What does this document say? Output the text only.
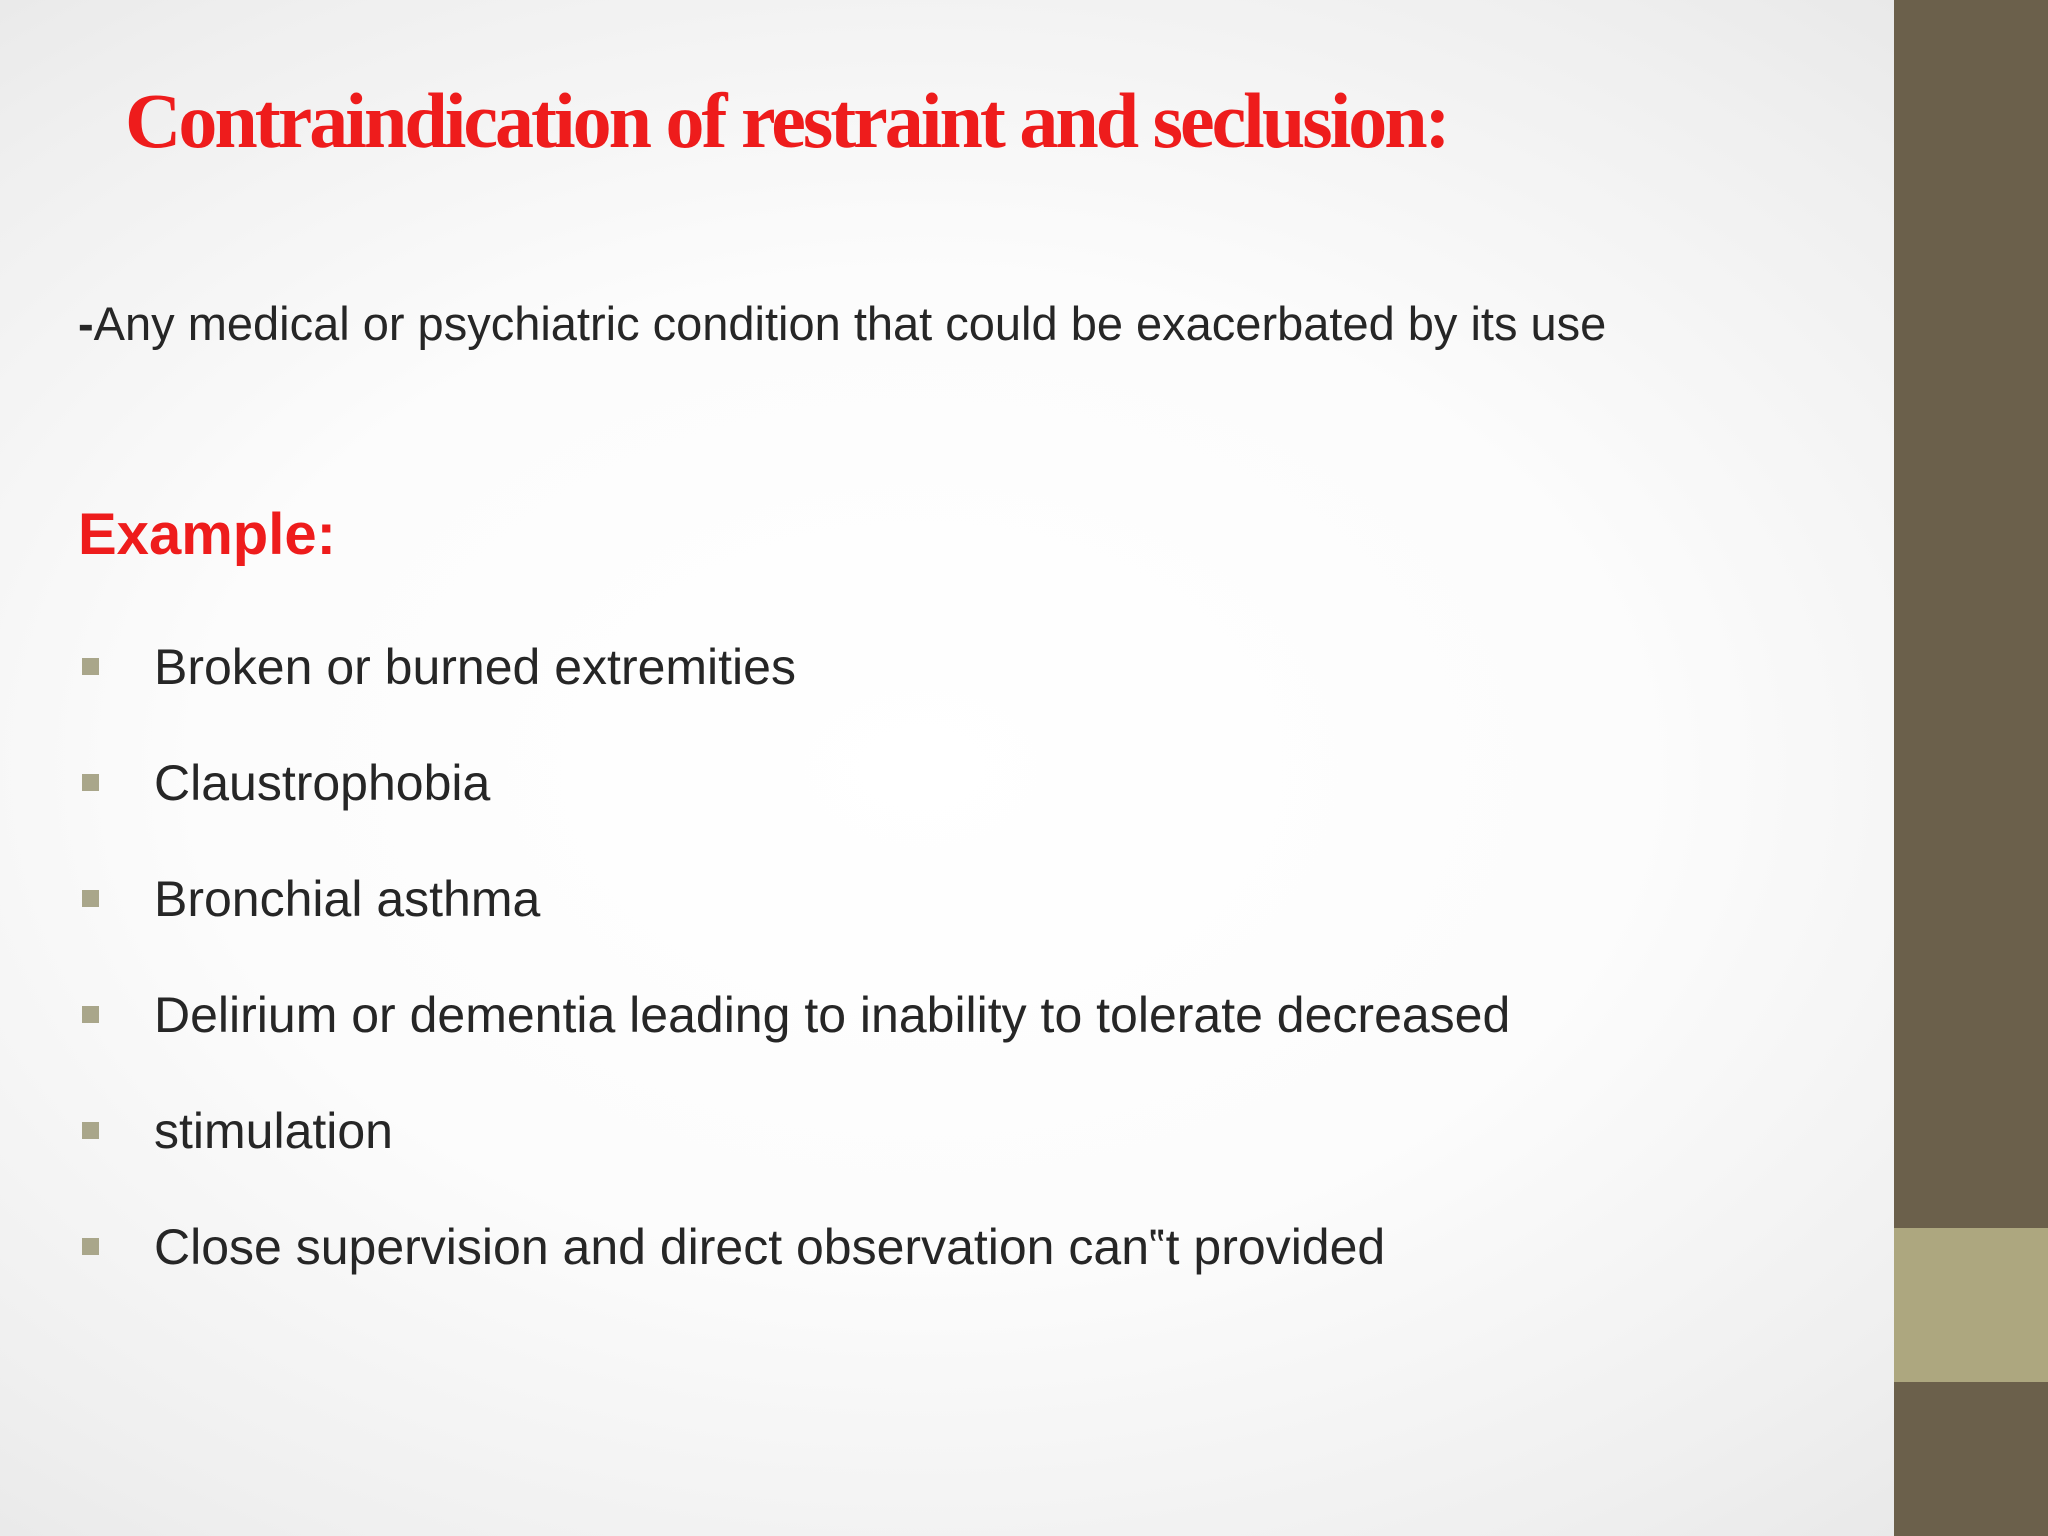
Contraindication of restraint and seclusion:

-Any medical or psychiatric condition that could be exacerbated by its use

Example:
Broken or burned extremities
Claustrophobia
Bronchial asthma
Delirium or dementia leading to inability to tolerate decreased
stimulation
Close supervision and direct observation can‟t provided
